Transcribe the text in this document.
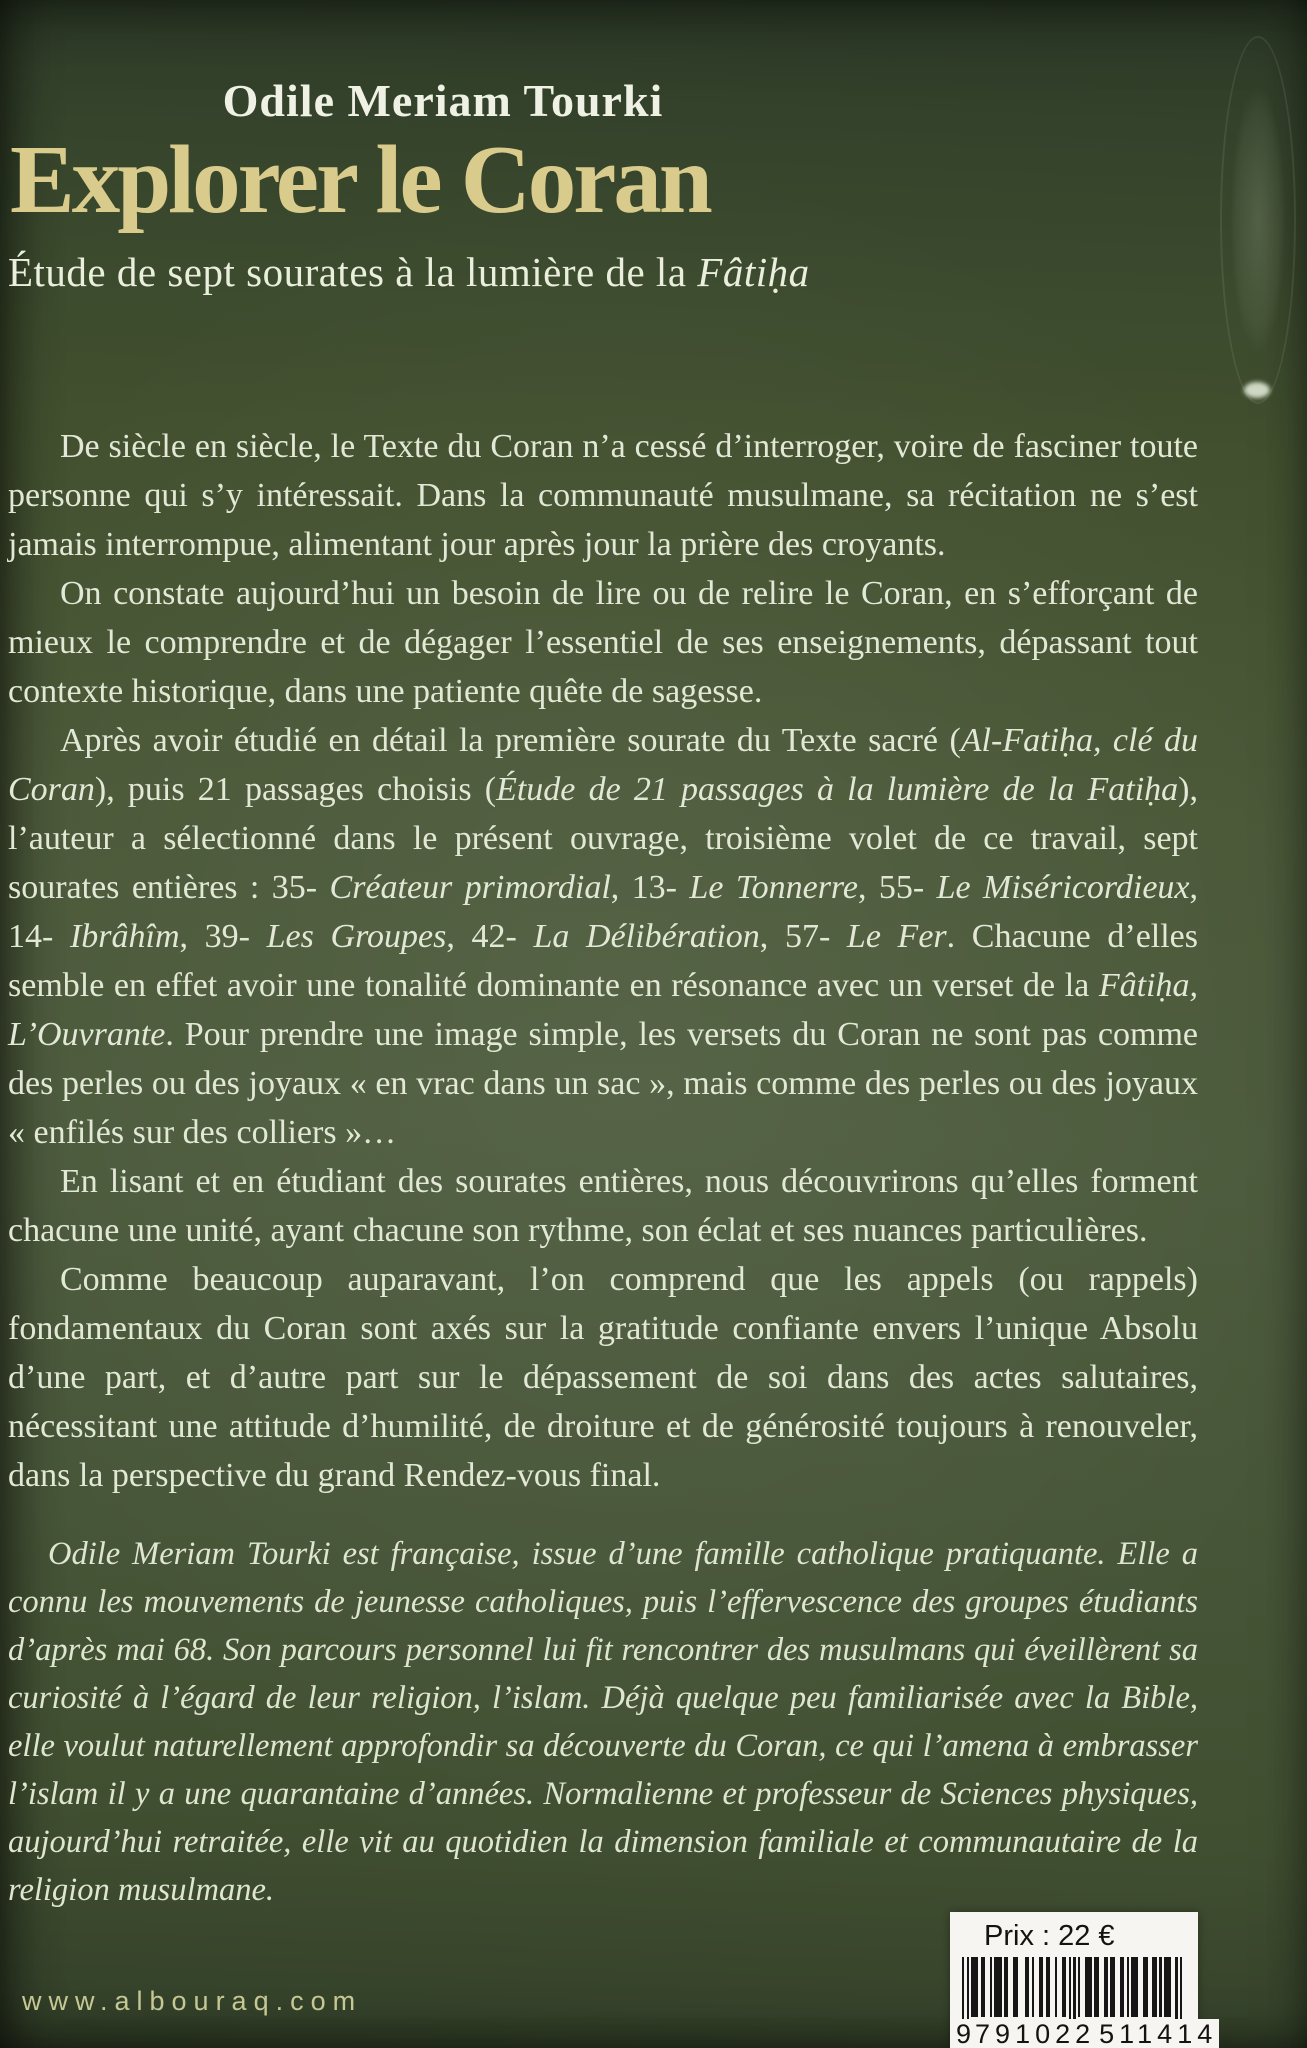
Odile Meriam Tourki
Explorer le Coran
Étude de sept sourates à la lumière de la Fâtiḥa

De siècle en siècle, le Texte du Coran n’a cessé d’interroger, voire de fasciner toute personne qui s’y intéressait. Dans la communauté musulmane, sa récitation ne s’est jamais interrompue, alimentant jour après jour la prière des croyants.

On constate aujourd’hui un besoin de lire ou de relire le Coran, en s’efforçant de mieux le comprendre et de dégager l’essentiel de ses enseignements, dépassant tout contexte historique, dans une patiente quête de sagesse.

Après avoir étudié en détail la première sourate du Texte sacré (Al-Fatiḥa, clé du Coran), puis 21 passages choisis (Étude de 21 passages à la lumière de la Fatiḥa), l’auteur a sélectionné dans le présent ouvrage, troisième volet de ce travail, sept sourates entières : 35- Créateur primordial, 13- Le Tonnerre, 55- Le Miséricordieux, 14- Ibrâhîm, 39- Les Groupes, 42- La Délibération, 57- Le Fer. Chacune d’elles semble en effet avoir une tonalité dominante en résonance avec un verset de la Fâtiḥa, L’Ouvrante. Pour prendre une image simple, les versets du Coran ne sont pas comme des perles ou des joyaux « en vrac dans un sac », mais comme des perles ou des joyaux « enfilés sur des colliers »…

En lisant et en étudiant des sourates entières, nous découvrirons qu’elles forment chacune une unité, ayant chacune son rythme, son éclat et ses nuances particulières.

Comme beaucoup auparavant, l’on comprend que les appels (ou rappels) fondamentaux du Coran sont axés sur la gratitude confiante envers l’unique Absolu d’une part, et d’autre part sur le dépassement de soi dans des actes salutaires, nécessitant une attitude d’humilité, de droiture et de générosité toujours à renouveler, dans la perspective du grand Rendez-vous final.

Odile Meriam Tourki est française, issue d’une famille catholique pratiquante. Elle a connu les mouvements de jeunesse catholiques, puis l’effervescence des groupes étudiants d’après mai 68. Son parcours personnel lui fit rencontrer des musulmans qui éveillèrent sa curiosité à l’égard de leur religion, l’islam. Déjà quelque peu familiarisée avec la Bible, elle voulut naturellement approfondir sa découverte du Coran, ce qui l’amena à embrasser l’islam il y a une quarantaine d’années. Normalienne et professeur de Sciences physiques, aujourd’hui retraitée, elle vit au quotidien la dimension familiale et communautaire de la religion musulmane.

www.albouraq.com
Prix : 22 €
9 791022 511414
